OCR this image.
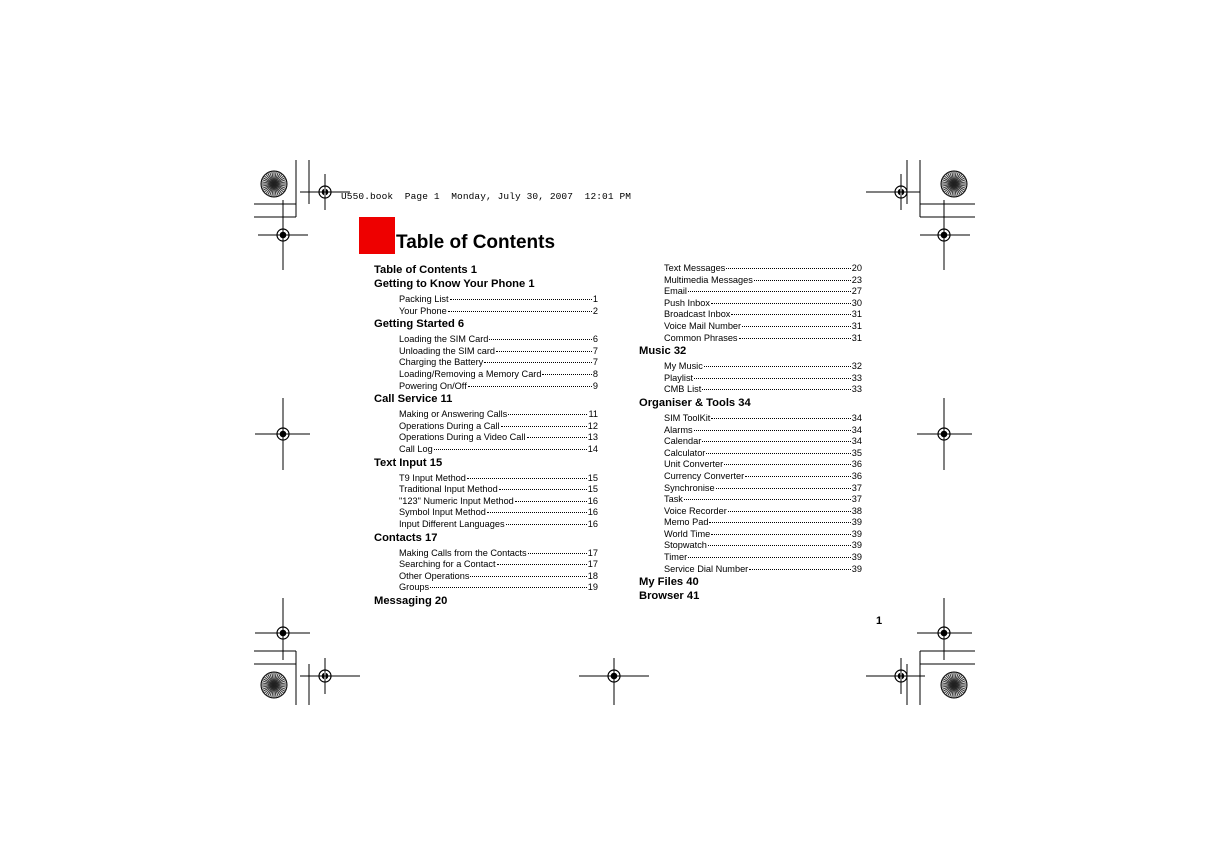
U550.book  Page 1  Monday, July 30, 2007  12:01 PM
Table of Contents
Table of Contents 1
Getting to Know Your Phone 1
Packing List	1
Your Phone	2
Getting Started 6
Loading the SIM Card	6
Unloading the SIM card	7
Charging the Battery	7
Loading/Removing a Memory Card	8
Powering On/Off	9
Call Service 11
Making or Answering Calls	11
Operations During a Call	12
Operations During a Video Call	13
Call Log	14
Text Input 15
T9 Input Method	15
Traditional Input Method	15
"123" Numeric Input Method	16
Symbol Input Method	16
Input Different Languages	16
Contacts 17
Making Calls from the Contacts	17
Searching for a Contact	17
Other Operations	18
Groups	19
Messaging 20
Text Messages	20
Multimedia Messages	23
Email	27
Push Inbox	30
Broadcast Inbox	31
Voice Mail Number	31
Common Phrases	31
Music 32
My Music	32
Playlist	33
CMB List	33
Organiser & Tools 34
SIM ToolKit	34
Alarms	34
Calendar	34
Calculator	35
Unit Converter	36
Currency Converter	36
Synchronise	37
Task	37
Voice Recorder	38
Memo Pad	39
World Time	39
Stopwatch	39
Timer	39
Service Dial Number	39
My Files 40
Browser 41
1
